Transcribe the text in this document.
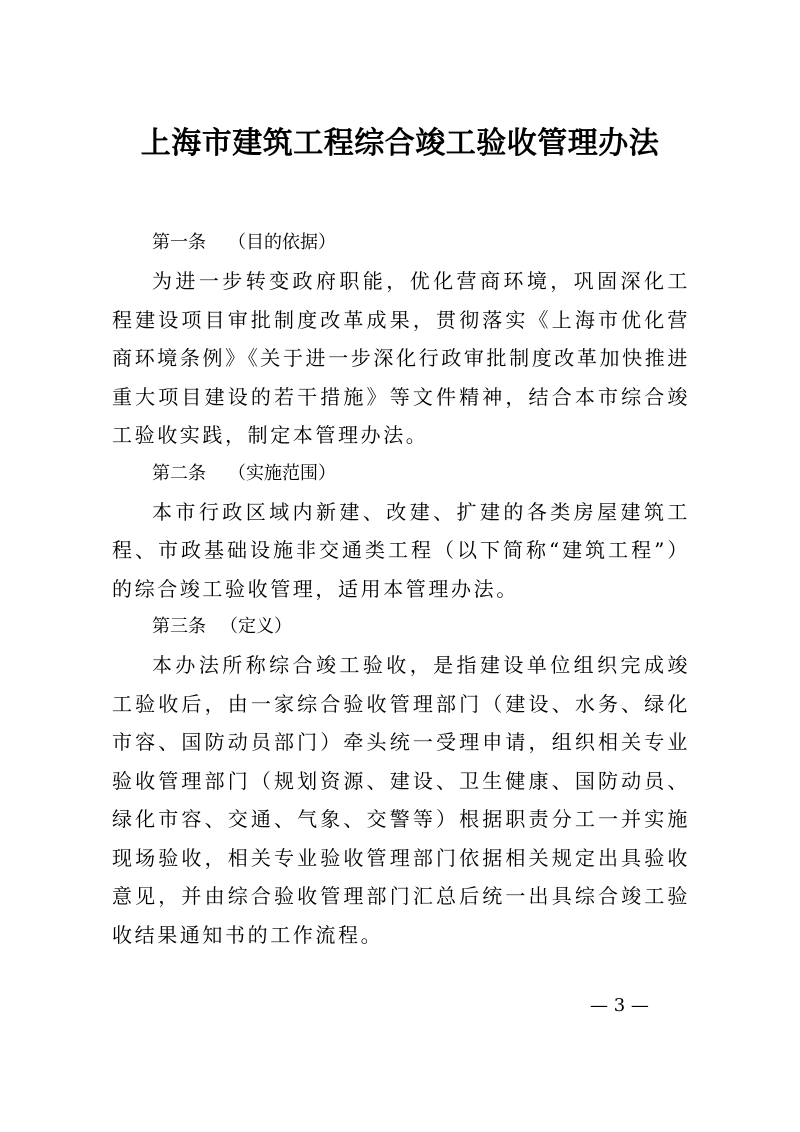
上海市建筑工程综合竣工验收管理办法
第一条 （目的依据）

为进一步转变政府职能，优化营商环境，巩固深化工程建设项目审批制度改革成果，贯彻落实《上海市优化营商环境条例》《关于进一步深化行政审批制度改革加快推进重大项目建设的若干措施》等文件精神，结合本市综合竣工验收实践，制定本管理办法。

第二条 （实施范围）

本市行政区域内新建、改建、扩建的各类房屋建筑工程、市政基础设施非交通类工程（以下简称“建筑工程”）的综合竣工验收管理，适用本管理办法。

第三条 （定义）

本办法所称综合竣工验收，是指建设单位组织完成竣工验收后，由一家综合验收管理部门（建设、水务、绿化市容、国防动员部门）牵头统一受理申请，组织相关专业验收管理部门（规划资源、建设、卫生健康、国防动员、绿化市容、交通、气象、交警等）根据职责分工一并实施现场验收，相关专业验收管理部门依据相关规定出具验收意见，并由综合验收管理部门汇总后统一出具综合竣工验收结果通知书的工作流程。

— 3 —
